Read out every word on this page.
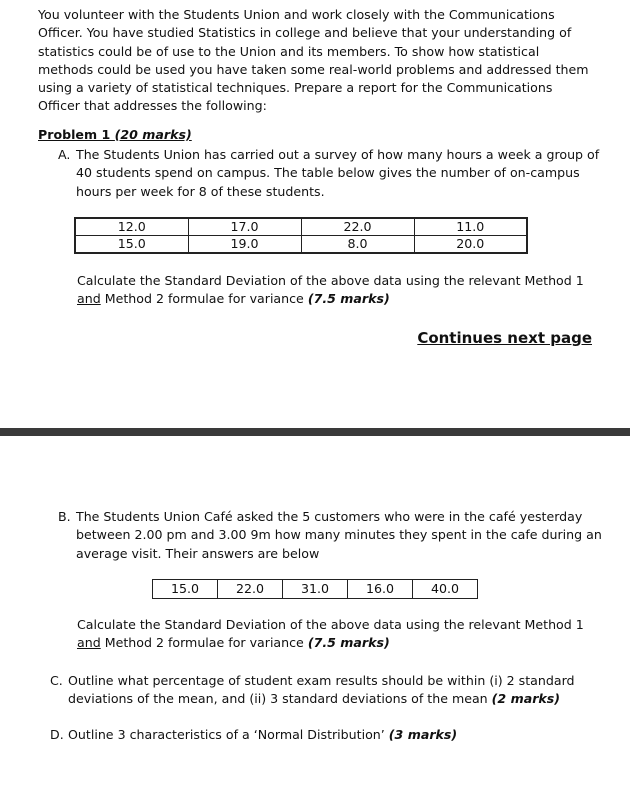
You volunteer with the Students Union and work closely with the Communications Officer. You have studied Statistics in college and believe that your understanding of statistics could be of use to the Union and its members. To show how statistical methods could be used you have taken some real-world problems and addressed them using a variety of statistical techniques. Prepare a report for the Communications Officer that addresses the following:

Problem 1 (20 marks)

A. The Students Union has carried out a survey of how many hours a week a group of 40 students spend on campus. The table below gives the number of on-campus hours per week for 8 of these students.
12.0	17.0	22.0	11.0
15.0	19.0	8.0	20.0

Calculate the Standard Deviation of the above data using the relevant Method 1 and Method 2 formulae for variance (7.5 marks)

Continues next page
B. The Students Union Café asked the 5 customers who were in the café yesterday between 2.00 pm and 3.00 9m how many minutes they spent in the cafe during an average visit. Their answers are below
15.0	22.0	31.0	16.0	40.0

Calculate the Standard Deviation of the above data using the relevant Method 1 and Method 2 formulae for variance (7.5 marks)

C. Outline what percentage of student exam results should be within (i) 2 standard deviations of the mean, and (ii) 3 standard deviations of the mean (2 marks)
D. Outline 3 characteristics of a ‘Normal Distribution’ (3 marks)
